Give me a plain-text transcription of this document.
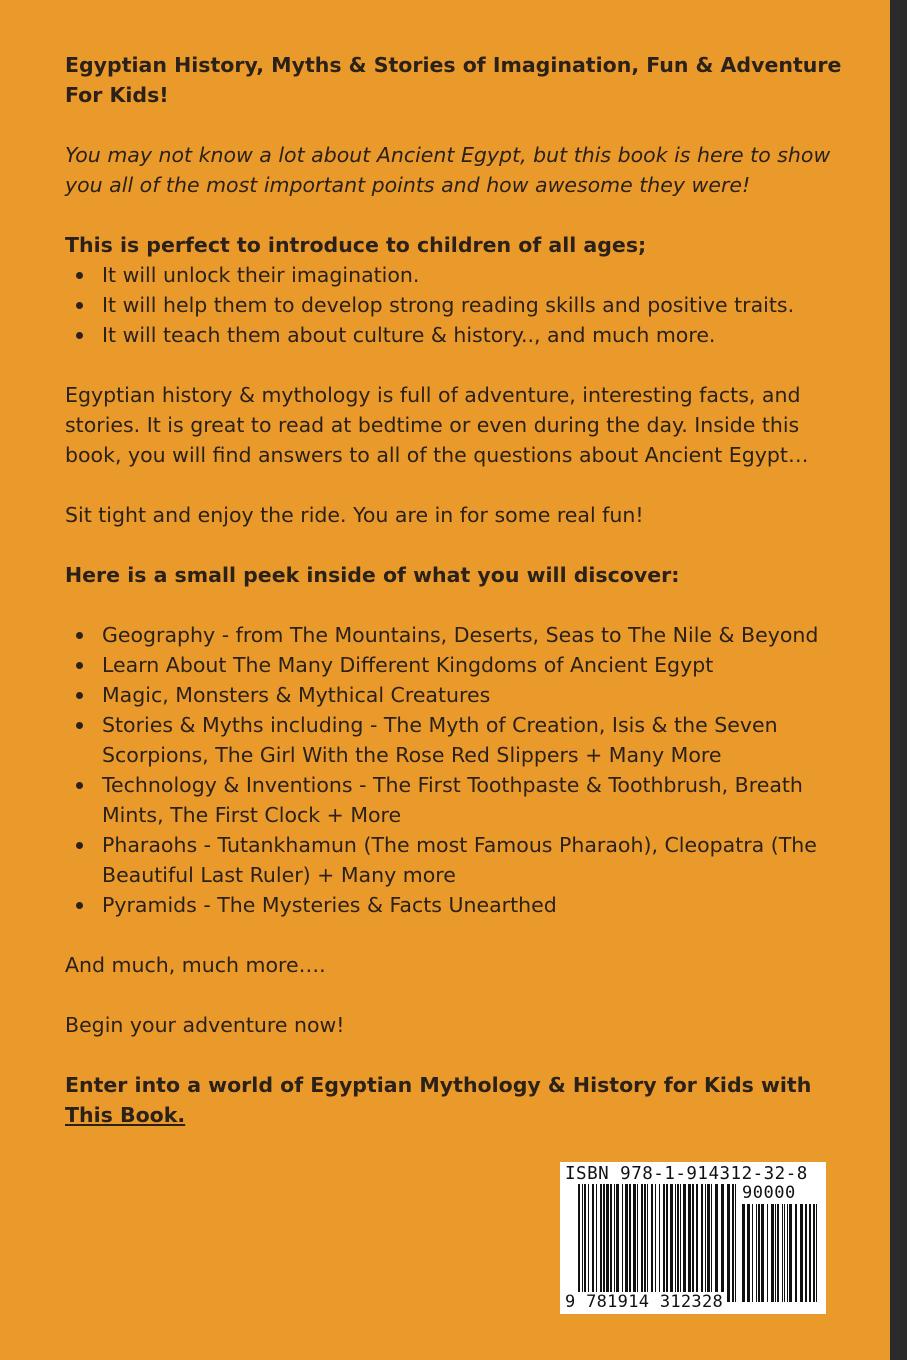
Egyptian History, Myths & Stories of Imagination, Fun & Adventure For Kids!

You may not know a lot about Ancient Egypt, but this book is here to show you all of the most important points and how awesome they were!

This is perfect to introduce to children of all ages;

It will unlock their imagination.
It will help them to develop strong reading skills and positive traits.
It will teach them about culture & history.., and much more.

Egyptian history & mythology is full of adventure, interesting facts, and stories. It is great to read at bedtime or even during the day. Inside this book, you will find answers to all of the questions about Ancient Egypt…

Sit tight and enjoy the ride. You are in for some real fun!

Here is a small peek inside of what you will discover:

Geography - from The Mountains, Deserts, Seas to The Nile & Beyond
Learn About The Many Different Kingdoms of Ancient Egypt
Magic, Monsters & Mythical Creatures
Stories & Myths including - The Myth of Creation, Isis & the Seven Scorpions, The Girl With the Rose Red Slippers + Many More
Technology & Inventions - The First Toothpaste & Toothbrush, Breath Mints, The First Clock + More
Pharaohs - Tutankhamun (The most Famous Pharaoh), Cleopatra (The Beautiful Last Ruler) + Many more
Pyramids - The Mysteries & Facts Unearthed

And much, much more….

Begin your adventure now!

Enter into a world of Egyptian Mythology & History for Kids with This Book.

ISBN 978-1-914312-32-8
90000
9 781914 312328
